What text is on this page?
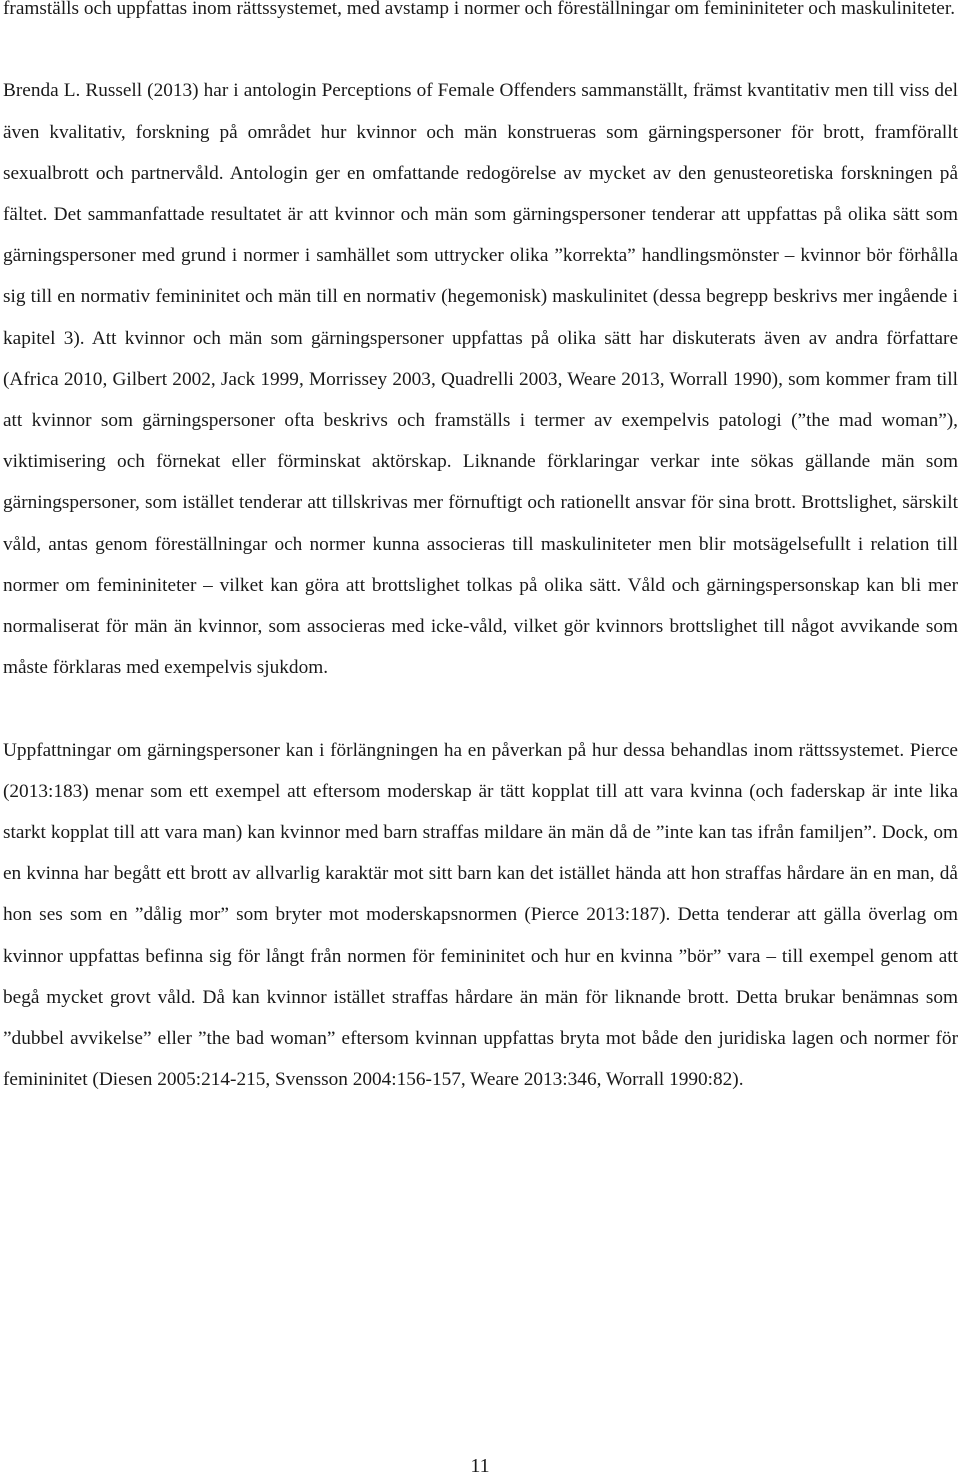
framställs och uppfattas inom rättssystemet, med avstamp i normer och föreställningar om femininiteter och maskuliniteter.

Brenda L. Russell (2013) har i antologin Perceptions of Female Offenders sammanställt, främst kvantitativ men till viss del även kvalitativ, forskning på området hur kvinnor och män konstrueras som gärningspersoner för brott, framförallt sexualbrott och partnervåld. Antologin ger en omfattande redogörelse av mycket av den genusteoretiska forskningen på fältet. Det sammanfattade resultatet är att kvinnor och män som gärningspersoner tenderar att uppfattas på olika sätt som gärningspersoner med grund i normer i samhället som uttrycker olika ”korrekta” handlingsmönster – kvinnor bör förhålla sig till en normativ femininitet och män till en normativ (hegemonisk) maskulinitet (dessa begrepp beskrivs mer ingående i kapitel 3). Att kvinnor och män som gärningspersoner uppfattas på olika sätt har diskuterats även av andra författare (Africa 2010, Gilbert 2002, Jack 1999, Morrissey 2003, Quadrelli 2003, Weare 2013, Worrall 1990), som kommer fram till att kvinnor som gärningspersoner ofta beskrivs och framställs i termer av exempelvis patologi (”the mad woman”), viktimisering och förnekat eller förminskat aktörskap. Liknande förklaringar verkar inte sökas gällande män som gärningspersoner, som istället tenderar att tillskrivas mer förnuftigt och rationellt ansvar för sina brott. Brottslighet, särskilt våld, antas genom föreställningar och normer kunna associeras till maskuliniteter men blir motsägelsefullt i relation till normer om femininiteter – vilket kan göra att brottslighet tolkas på olika sätt. Våld och gärningspersonskap kan bli mer normaliserat för män än kvinnor, som associeras med icke-våld, vilket gör kvinnors brottslighet till något avvikande som måste förklaras med exempelvis sjukdom.

Uppfattningar om gärningspersoner kan i förlängningen ha en påverkan på hur dessa behandlas inom rättssystemet. Pierce (2013:183) menar som ett exempel att eftersom moderskap är tätt kopplat till att vara kvinna (och faderskap är inte lika starkt kopplat till att vara man) kan kvinnor med barn straffas mildare än män då de ”inte kan tas ifrån familjen”. Dock, om en kvinna har begått ett brott av allvarlig karaktär mot sitt barn kan det istället hända att hon straffas hårdare än en man, då hon ses som en ”dålig mor” som bryter mot moderskapsnormen (Pierce 2013:187). Detta tenderar att gälla överlag om kvinnor uppfattas befinna sig för långt från normen för femininitet och hur en kvinna ”bör” vara – till exempel genom att begå mycket grovt våld. Då kan kvinnor istället straffas hårdare än män för liknande brott. Detta brukar benämnas som ”dubbel avvikelse” eller ”the bad woman” eftersom kvinnan uppfattas bryta mot både den juridiska lagen och normer för femininitet (Diesen 2005:214-215, Svensson 2004:156-157, Weare 2013:346, Worrall 1990:82).

11
